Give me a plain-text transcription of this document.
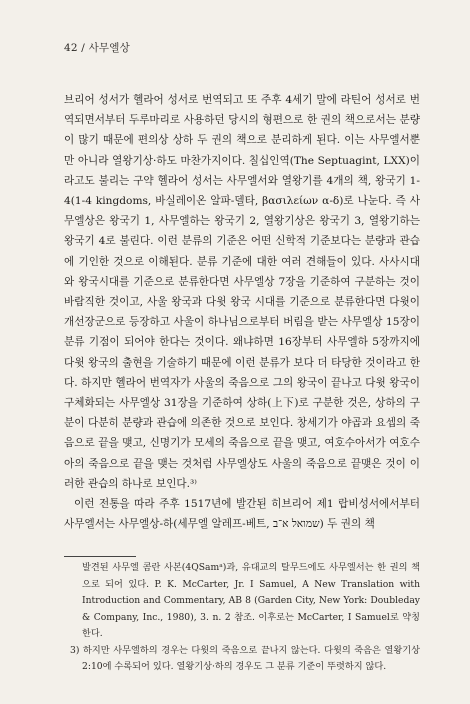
42 / 사무엘상

브리어 성서가 헬라어 성서로 번역되고 또 주후 4세기 말에 라틴어 성서로 번역되면서부터 두루마리로 사용하던 당시의 형편으로 한 권의 책으로서는 분량이 많기 때문에 편의상 상하 두 권의 책으로 분리하게 된다. 이는 사무엘서뿐만 아니라 열왕기상·하도 마찬가지이다. 칠십인역(The Septuagint, LXX)이라고도 불리는 구약 헬라어 성서는 사무엘서와 열왕기를 4개의 책, 왕국기 1-4(1-4 kingdoms, 바실레이온 알파-델타, βασιλείων α-δ)로 나눈다. 즉 사무엘상은 왕국기 1, 사무엘하는 왕국기 2, 열왕기상은 왕국기 3, 열왕기하는 왕국기 4로 불린다. 이런 분류의 기준은 어떤 신학적 기준보다는 분량과 관습에 기인한 것으로 이해된다. 분류 기준에 대한 여러 견해들이 있다. 사사시대와 왕국시대를 기준으로 분류한다면 사무엘상 7장을 기준하여 구분하는 것이 바람직한 것이고, 사울 왕국과 다윗 왕국 시대를 기준으로 분류한다면 다윗이 개선장군으로 등장하고 사울이 하나님으로부터 버림을 받는 사무엘상 15장이 분류 기점이 되어야 한다는 것이다. 왜냐하면 16장부터 사무엘하 5장까지에 다윗 왕국의 출현을 기술하기 때문에 이런 분류가 보다 더 타당한 것이라고 한다. 하지만 헬라어 번역자가 사울의 죽음으로 그의 왕국이 끝나고 다윗 왕국이 구체화되는 사무엘상 31장을 기준하여 상하(上下)로 구분한 것은, 상하의 구분이 다분히 분량과 관습에 의존한 것으로 보인다. 창세기가 야곱과 요셉의 죽음으로 끝을 맺고, 신명기가 모세의 죽음으로 끝을 맺고, 여호수아서가 여호수아의 죽음으로 끝을 맺는 것처럼 사무엘상도 사울의 죽음으로 끝맺은 것이 이러한 관습의 하나로 보인다.³⁾

이런 전통을 따라 주후 1517년에 발간된 히브리어 제1 랍비성서에서부터 사무엘서는 사무엘상-하(세무엘 알레프-베트, שמואל א־ב) 두 권의 책

발견된 사무엘 콤란 사본(4QSamᵃ)과, 유대교의 탈무드에도 사무엘서는 한 권의 책으로 되어 있다. P. K. McCarter, Jr. I Samuel, A New Translation with Introduction and Commentary, AB 8 (Garden City, New York: Doubleday & Company, Inc., 1980), 3. n. 2 참조. 이후로는 McCarter, I Samuel로 약칭한다.

3) 하지만 사무엘하의 경우는 다윗의 죽음으로 끝나지 않는다. 다윗의 죽음은 열왕기상 2:10에 수록되어 있다. 열왕기상·하의 경우도 그 분류 기준이 뚜렷하지 않다.
